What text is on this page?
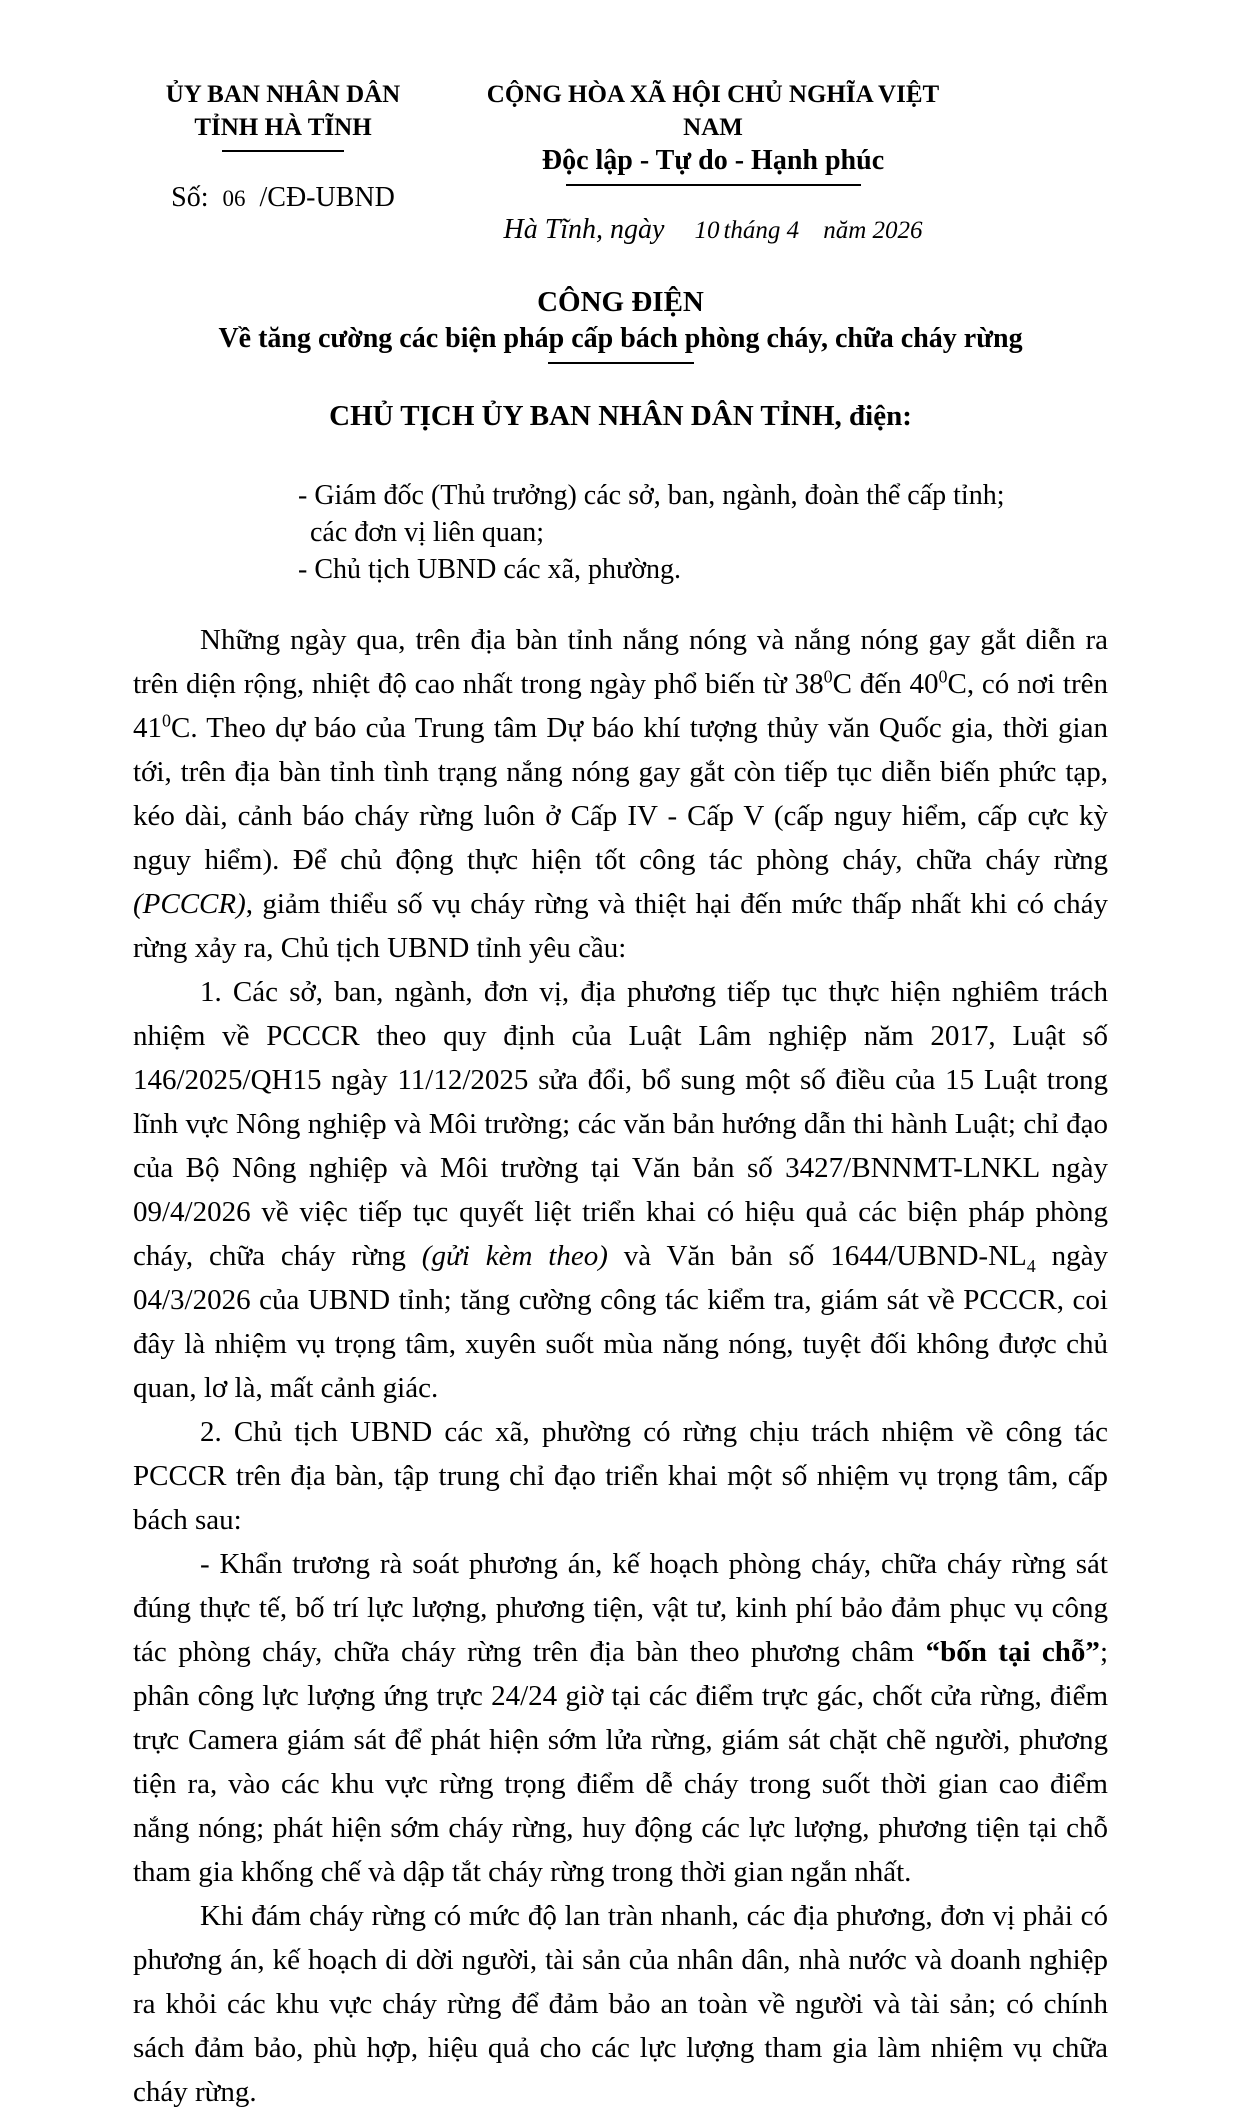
ỦY BAN NHÂN DÂN
TỈNH HÀ TĨNH
Số: 06 /CĐ-UBND
CỘNG HÒA XÃ HỘI CHỦ NGHĨA VIỆT NAM
Độc lập - Tự do - Hạnh phúc
Hà Tĩnh, ngày 10 tháng 4 năm 2026
CÔNG ĐIỆN
Về tăng cường các biện pháp cấp bách phòng cháy, chữa cháy rừng
CHỦ TỊCH ỦY BAN NHÂN DÂN TỈNH, điện:
- Giám đốc (Thủ trưởng) các sở, ban, ngành, đoàn thể cấp tỉnh;
các đơn vị liên quan;
- Chủ tịch UBND các xã, phường.

Những ngày qua, trên địa bàn tỉnh nắng nóng và nắng nóng gay gắt diễn ra trên diện rộng, nhiệt độ cao nhất trong ngày phổ biến từ $38^0C$ đến $40^0C$, có nơi trên $41^0C$. Theo dự báo của Trung tâm Dự báo khí tượng thủy văn Quốc gia, thời gian tới, trên địa bàn tỉnh tình trạng nắng nóng gay gắt còn tiếp tục diễn biến phức tạp, kéo dài, cảnh báo cháy rừng luôn ở Cấp IV - Cấp V (cấp nguy hiểm, cấp cực kỳ nguy hiểm). Để chủ động thực hiện tốt công tác phòng cháy, chữa cháy rừng (PCCCR), giảm thiểu số vụ cháy rừng và thiệt hại đến mức thấp nhất khi có cháy rừng xảy ra, Chủ tịch UBND tỉnh yêu cầu:

1. Các sở, ban, ngành, đơn vị, địa phương tiếp tục thực hiện nghiêm trách nhiệm về PCCCR theo quy định của Luật Lâm nghiệp năm 2017, Luật số 146/2025/QH15 ngày 11/12/2025 sửa đổi, bổ sung một số điều của 15 Luật trong lĩnh vực Nông nghiệp và Môi trường; các văn bản hướng dẫn thi hành Luật; chỉ đạo của Bộ Nông nghiệp và Môi trường tại Văn bản số 3427/BNNMT-LNKL ngày 09/4/2026 về việc tiếp tục quyết liệt triển khai có hiệu quả các biện pháp phòng cháy, chữa cháy rừng (gửi kèm theo) và Văn bản số $1644/UBND-NL_4$ ngày 04/3/2026 của UBND tỉnh; tăng cường công tác kiểm tra, giám sát về PCCCR, coi đây là nhiệm vụ trọng tâm, xuyên suốt mùa năng nóng, tuyệt đối không được chủ quan, lơ là, mất cảnh giác.

2. Chủ tịch UBND các xã, phường có rừng chịu trách nhiệm về công tác PCCCR trên địa bàn, tập trung chỉ đạo triển khai một số nhiệm vụ trọng tâm, cấp bách sau:

- Khẩn trương rà soát phương án, kế hoạch phòng cháy, chữa cháy rừng sát đúng thực tế, bố trí lực lượng, phương tiện, vật tư, kinh phí bảo đảm phục vụ công tác phòng cháy, chữa cháy rừng trên địa bàn theo phương châm “bốn tại chỗ”; phân công lực lượng ứng trực 24/24 giờ tại các điểm trực gác, chốt cửa rừng, điểm trực Camera giám sát để phát hiện sớm lửa rừng, giám sát chặt chẽ người, phương tiện ra, vào các khu vực rừng trọng điểm dễ cháy trong suốt thời gian cao điểm nắng nóng; phát hiện sớm cháy rừng, huy động các lực lượng, phương tiện tại chỗ tham gia khống chế và dập tắt cháy rừng trong thời gian ngắn nhất.

Khi đám cháy rừng có mức độ lan tràn nhanh, các địa phương, đơn vị phải có phương án, kế hoạch di dời người, tài sản của nhân dân, nhà nước và doanh nghiệp ra khỏi các khu vực cháy rừng để đảm bảo an toàn về người và tài sản; có chính sách đảm bảo, phù hợp, hiệu quả cho các lực lượng tham gia làm nhiệm vụ chữa cháy rừng.
